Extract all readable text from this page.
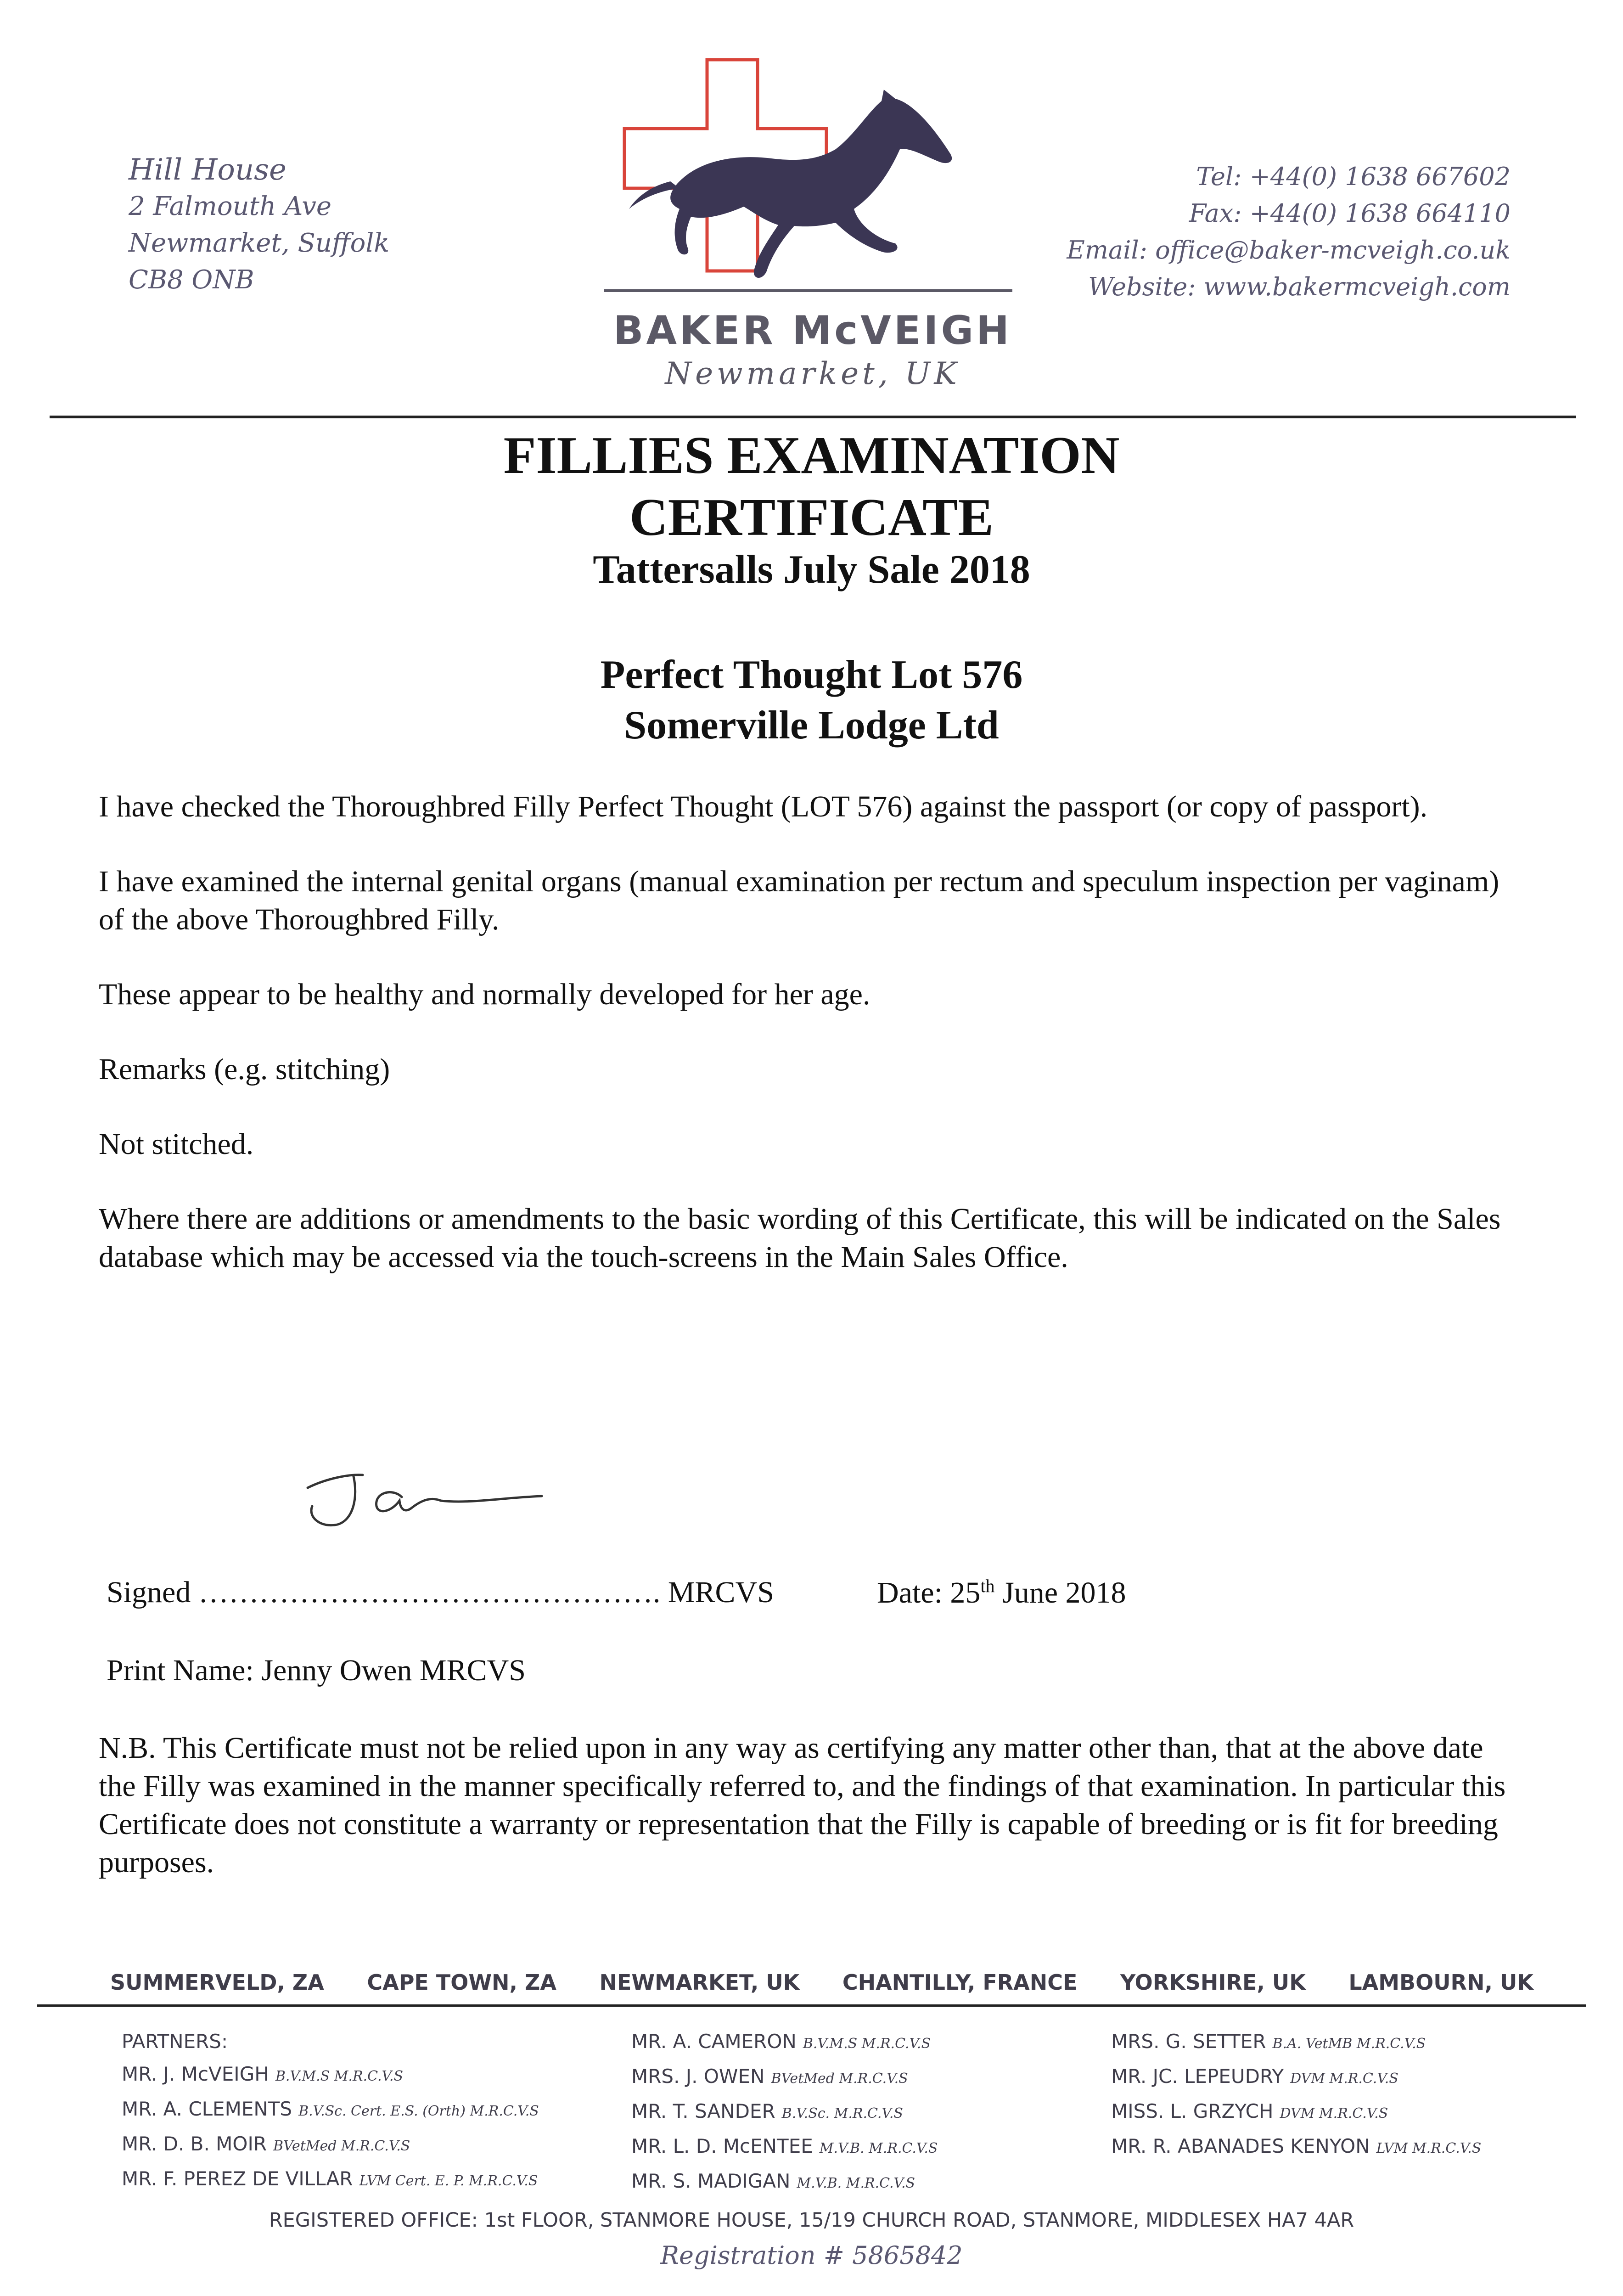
Hill House
2 Falmouth Ave
Newmarket, Suffolk
CB8 ONB
BAKER McVEIGH
Newmarket, UK
Tel: +44(0) 1638 667602
Fax: +44(0) 1638 664110
Email: office@baker-mcveigh.co.uk
Website: www.bakermcveigh.com
FILLIES EXAMINATION
CERTIFICATE
Tattersalls July Sale 2018
Perfect Thought Lot 576
Somerville Lodge Ltd

I have checked the Thoroughbred Filly Perfect Thought (LOT 576) against the passport (or copy of passport).

I have examined the internal genital organs (manual examination per rectum and speculum inspection per vaginam) of the above Thoroughbred Filly.

These appear to be healthy and normally developed for her age.

Remarks (e.g. stitching)

Not stitched.

Where there are additions or amendments to the basic wording of this Certificate, this will be indicated on the Sales database which may be accessed via the touch-screens in the Main Sales Office.

Signed ………………………………………. MRCVS	Date: 25th June 2018
Print Name: Jenny Owen MRCVS
N.B. This Certificate must not be relied upon in any way as certifying any matter other than, that at the above date the Filly was examined in the manner specifically referred to, and the findings of that examination. In particular this Certificate does not constitute a warranty or representation that the Filly is capable of breeding or is fit for breeding purposes.
SUMMERVELD, ZA CAPE TOWN, ZA NEWMARKET, UK CHANTILLY, FRANCE YORKSHIRE, UK LAMBOURN, UK
PARTNERS:
MR. J. McVEIGH B.V.M.S M.R.C.V.S
MR. A. CLEMENTS B.V.Sc. Cert. E.S. (Orth) M.R.C.V.S
MR. D. B. MOIR BVetMed M.R.C.V.S
MR. F. PEREZ DE VILLAR LVM Cert. E. P. M.R.C.V.S
MR. A. CAMERON B.V.M.S M.R.C.V.S
MRS. J. OWEN BVetMed M.R.C.V.S
MR. T. SANDER B.V.Sc. M.R.C.V.S
MR. L. D. McENTEE M.V.B. M.R.C.V.S
MR. S. MADIGAN M.V.B. M.R.C.V.S
MRS. G. SETTER B.A. VetMB M.R.C.V.S
MR. JC. LEPEUDRY DVM M.R.C.V.S
MISS. L. GRZYCH DVM M.R.C.V.S
MR. R. ABANADES KENYON LVM M.R.C.V.S
REGISTERED OFFICE: 1st FLOOR, STANMORE HOUSE, 15/19 CHURCH ROAD, STANMORE, MIDDLESEX HA7 4AR
Registration # 5865842
